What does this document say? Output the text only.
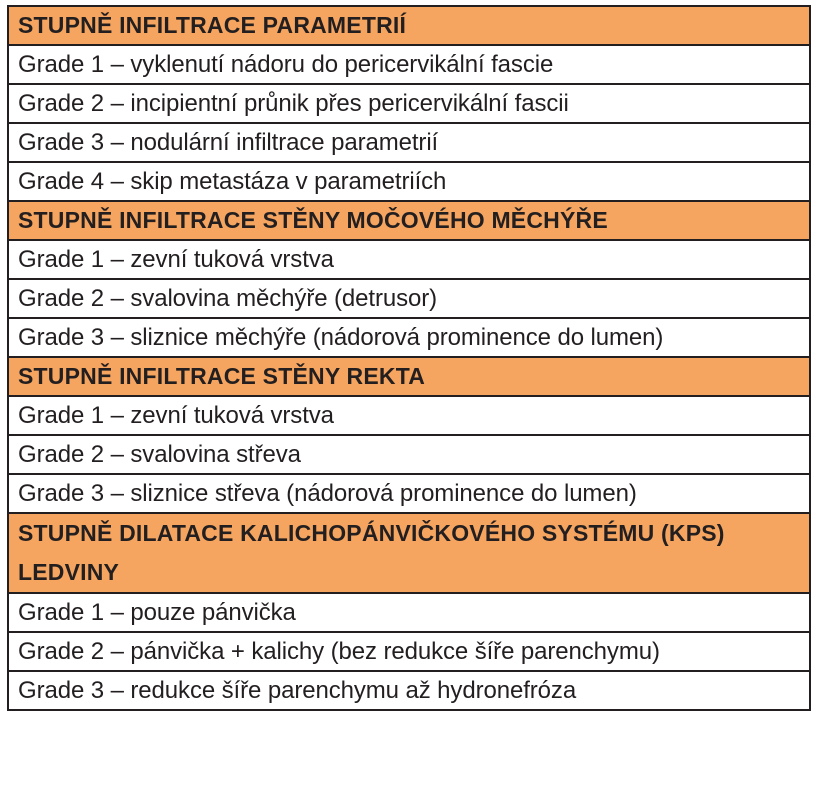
STUPNĚ INFILTRACE PARAMETRIÍ
Grade 1 – vyklenutí nádoru do pericervikální fascie
Grade 2 – incipientní průnik přes pericervikální fascii
Grade 3 – nodulární infiltrace parametrií
Grade 4 – skip metastáza v parametriích
STUPNĚ INFILTRACE STĚNY MOČOVÉHO MĚCHÝŘE
Grade 1 – zevní tuková vrstva
Grade 2 – svalovina měchýře (detrusor)
Grade 3 – sliznice měchýře (nádorová prominence do lumen)
STUPNĚ INFILTRACE STĚNY REKTA
Grade 1 – zevní tuková vrstva
Grade 2 – svalovina střeva
Grade 3 – sliznice střeva (nádorová prominence do lumen)
STUPNĚ DILATACE KALICHOPÁNVIČKOVÉHO SYSTÉMU (KPS) LEDVINY
Grade 1 – pouze pánvička
Grade 2 – pánvička + kalichy (bez redukce šíře parenchymu)
Grade 3 – redukce šíře parenchymu až hydronefróza
